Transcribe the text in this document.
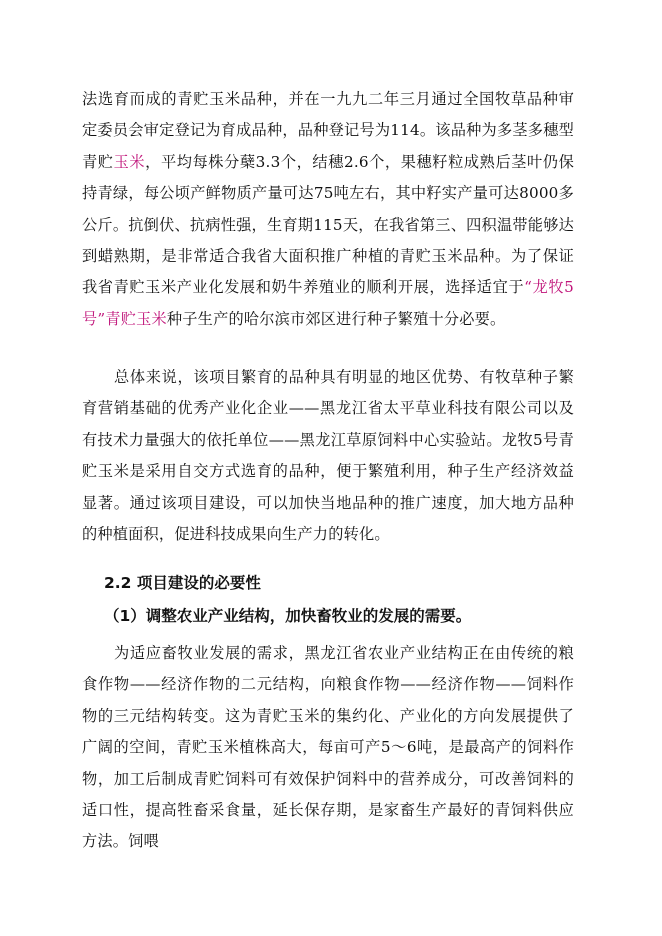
法选育而成的青贮玉米品种，并在一九九二年三月通过全国牧草品种审定委员会审定登记为育成品种，品种登记号为114。该品种为多茎多穗型青贮玉米，平均每株分蘖3.3个，结穗2.6个，果穗籽粒成熟后茎叶仍保持青绿，每公顷产鲜物质产量可达75吨左右，其中籽实产量可达8000多公斤。抗倒伏、抗病性强，生育期115天，在我省第三、四积温带能够达到蜡熟期，是非常适合我省大面积推广种植的青贮玉米品种。为了保证我省青贮玉米产业化发展和奶牛养殖业的顺利开展，选择适宜于“龙牧5号”青贮玉米种子生产的哈尔滨市郊区进行种子繁殖十分必要。

总体来说，该项目繁育的品种具有明显的地区优势、有牧草种子繁育营销基础的优秀产业化企业——黑龙江省太平草业科技有限公司以及有技术力量强大的依托单位——黑龙江草原饲料中心实验站。龙牧5号青贮玉米是采用自交方式选育的品种，便于繁殖利用，种子生产经济效益显著。通过该项目建设，可以加快当地品种的推广速度，加大地方品种的种植面积，促进科技成果向生产力的转化。

2.2 项目建设的必要性
（1）调整农业产业结构，加快畜牧业的发展的需要。

为适应畜牧业发展的需求，黑龙江省农业产业结构正在由传统的粮食作物——经济作物的二元结构，向粮食作物——经济作物——饲料作物的三元结构转变。这为青贮玉米的集约化、产业化的方向发展提供了广阔的空间，青贮玉米植株高大，每亩可产5～6吨，是最高产的饲料作物，加工后制成青贮饲料可有效保护饲料中的营养成分，可改善饲料的适口性，提高牲畜采食量，延长保存期，是家畜生产最好的青饲料供应方法。饲喂
